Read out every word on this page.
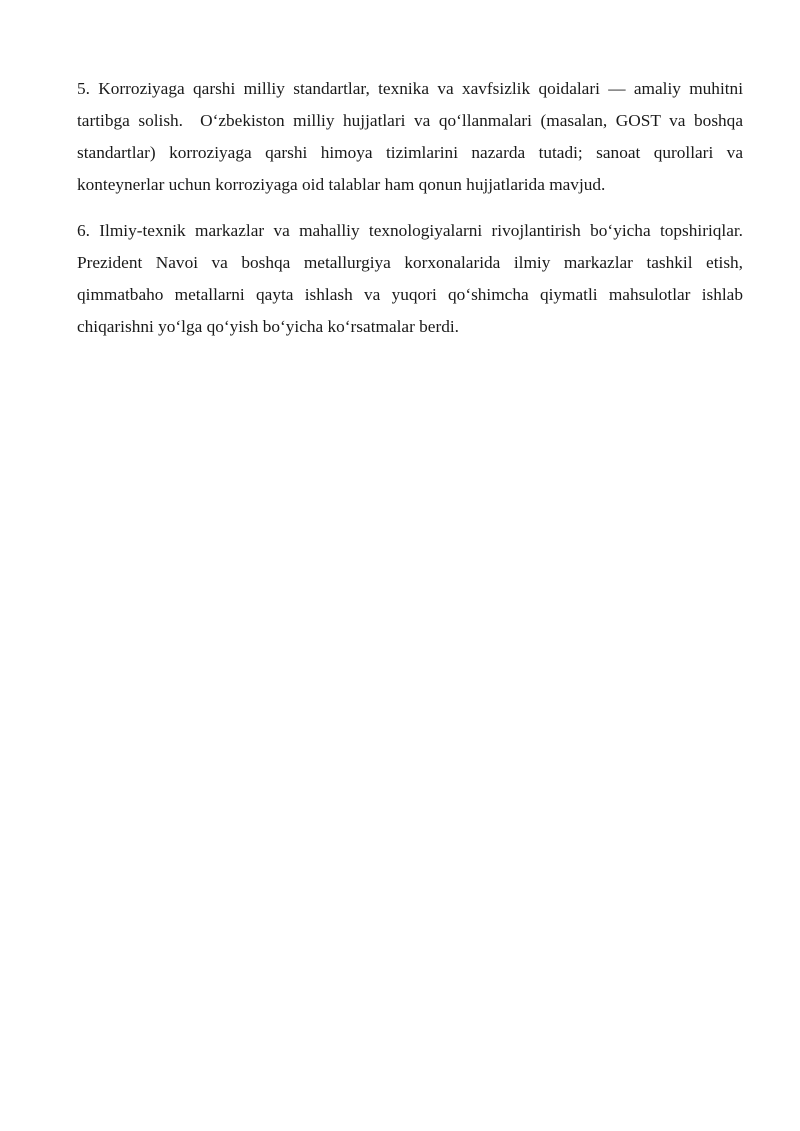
5. Korroziyaga qarshi milliy standartlar, texnika va xavfsizlik qoidalari — amaliy muhitni tartibga solish.  O‘zbekiston milliy hujjatlari va qo‘llanmalari (masalan, GOST va boshqa standartlar) korroziyaga qarshi himoya tizimlarini nazarda tutadi; sanoat qurollari va konteynerlar uchun korroziyaga oid talablar ham qonun hujjatlarida mavjud.

6. Ilmiy-texnik markazlar va mahalliy texnologiyalarni rivojlantirish bo‘yicha topshiriqlar. Prezident Navoi va boshqa metallurgiya korxonalarida ilmiy markazlar tashkil etish, qimmatbaho metallarni qayta ishlash va yuqori qo‘shimcha qiymatli mahsulotlar ishlab chiqarishni yo‘lga qo‘yish bo‘yicha ko‘rsatmalar berdi.
